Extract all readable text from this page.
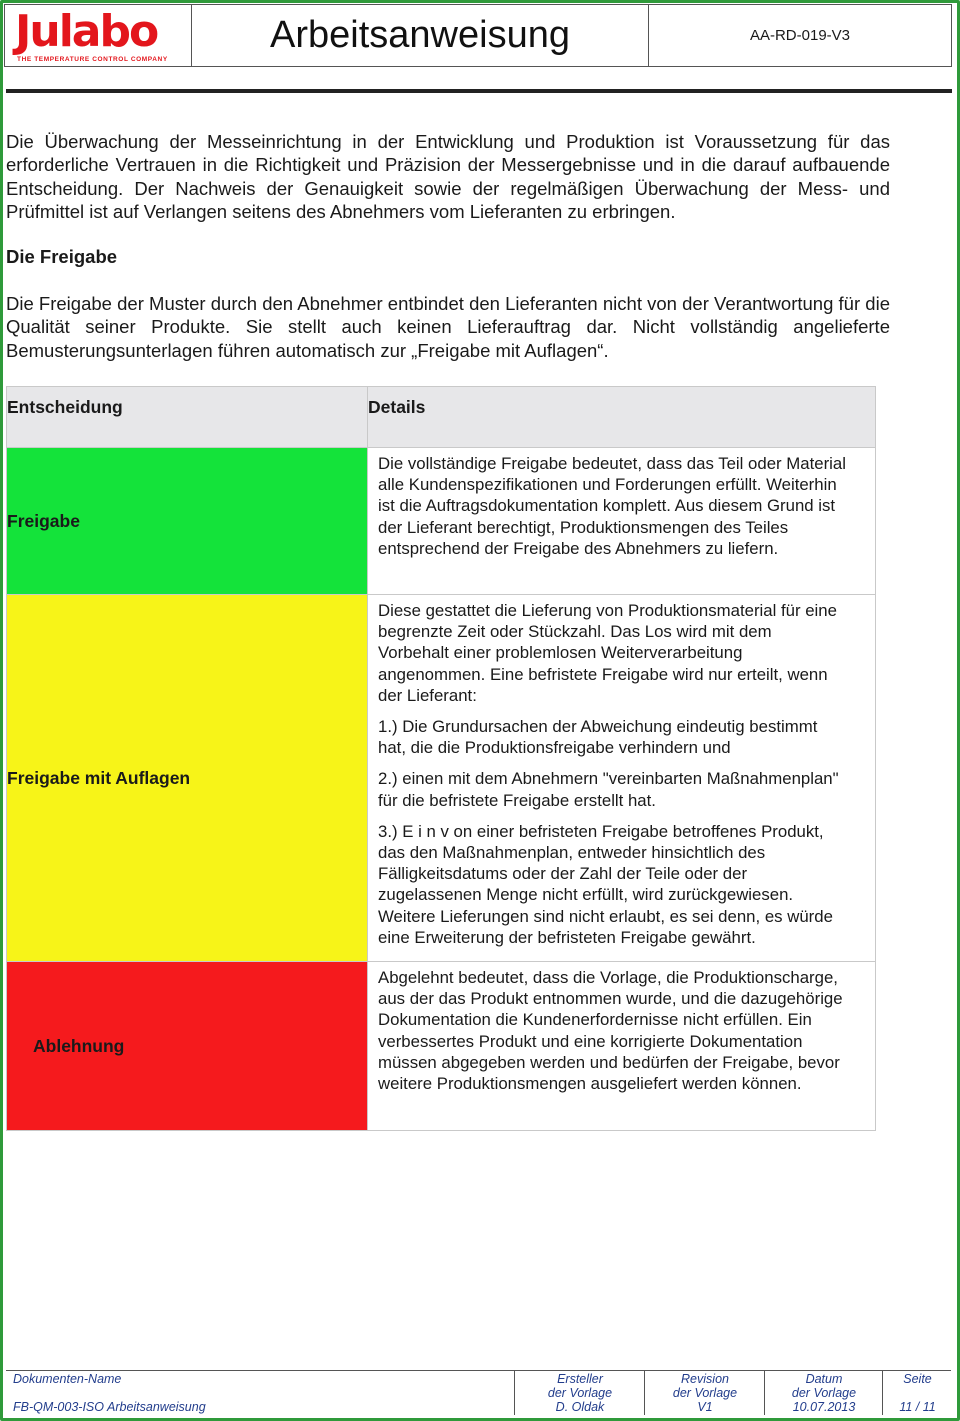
Julabo
THE TEMPERATURE CONTROL COMPANY
Arbeitsanweisung	AA-RD-019-V3
Die Überwachung der Messeinrichtung in der Entwicklung und Produktion ist Voraussetzung für das erforderliche Vertrauen in die Richtigkeit und Präzision der Messergebnisse und in die darauf aufbauende Entscheidung. Der Nachweis der Genauigkeit sowie der regelmäßigen Überwachung der Mess- und Prüfmittel ist auf Verlangen seitens des Abnehmers vom Lieferanten zu erbringen.
Die Freigabe
Die Freigabe der Muster durch den Abnehmer entbindet den Lieferanten nicht von der Verantwortung für die Qualität seiner Produkte. Sie stellt auch keinen Lieferauftrag dar. Nicht vollständig angelieferte Bemusterungsunterlagen führen automatisch zur „Freigabe mit Auflagen“.
Entscheidung	Details

Freigabe	Die vollständige Freigabe bedeutet, dass das Teil oder Material alle Kundenspezifikationen und Forderungen erfüllt. Weiterhin ist die Auftragsdokumentation komplett. Aus diesem Grund ist der Lieferant berechtigt, Produktionsmengen des Teiles entsprechend der Freigabe des Abnehmers zu liefern.

Freigabe mit Auflagen	Diese gestattet die Lieferung von Produktionsmaterial für eine begrenzte Zeit oder Stückzahl. Das Los wird mit dem Vorbehalt einer problemlosen Weiterverarbeitung angenommen. Eine befristete Freigabe wird nur erteilt, wenn der Lieferant:

1.) Die Grundursachen der Abweichung eindeutig bestimmt hat, die die Produktionsfreigabe verhindern und

2.) einen mit dem Abnehmern "vereinbarten Maßnahmenplan" für die befristete Freigabe erstellt hat.

3.) E i n v on einer befristeten Freigabe betroffenes Produkt, das den Maßnahmenplan, entweder hinsichtlich des Fälligkeitsdatums oder der Zahl der Teile oder der zugelassenen Menge nicht erfüllt, wird zurückgewiesen. Weitere Lieferungen sind nicht erlaubt, es sei denn, es würde eine Erweiterung der befristeten Freigabe gewährt.

Ablehnung	Abgelehnt bedeutet, dass die Vorlage, die Produktionscharge, aus der das Produkt entnommen wurde, und die dazugehörige Dokumentation die Kundenerfordernisse nicht erfüllen. Ein verbessertes Produkt und eine korrigierte Dokumentation müssen abgegeben werden und bedürfen der Freigabe, bevor weitere Produktionsmengen ausgeliefert werden können.

Dokumenten-Name
FB-QM-003-ISO Arbeitsanweisung
Ersteller
der Vorlage
D. Oldak
Revision
der Vorlage
V1
Datum
der Vorlage
10.07.2013
Seite
11 / 11
